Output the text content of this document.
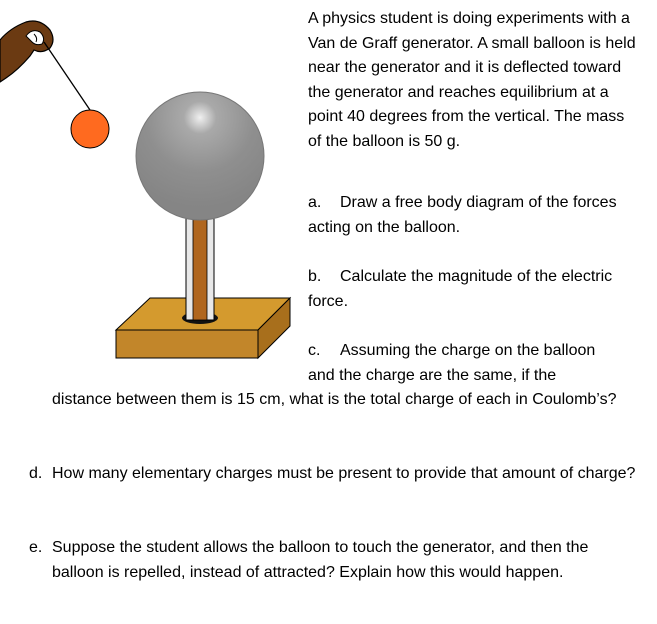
A physics student is doing experiments with a Van de Graff generator. A small balloon is held near the generator and it is deflected toward the generator and reaches equilibrium at a point 40 degrees from the vertical. The mass of the balloon is 50 g.

a. Draw a free body diagram of the forces acting on the balloon.

b. Calculate the magnitude of the electric force.

c. Assuming the charge on the balloon
and the charge are the same, if the
distance between them is 15 cm, what is the total charge of each in Coulomb’s?
d. How many elementary charges must be present to provide that amount of charge?
e. Suppose the student allows the balloon to touch the generator, and then the balloon is repelled, instead of attracted? Explain how this would happen.
